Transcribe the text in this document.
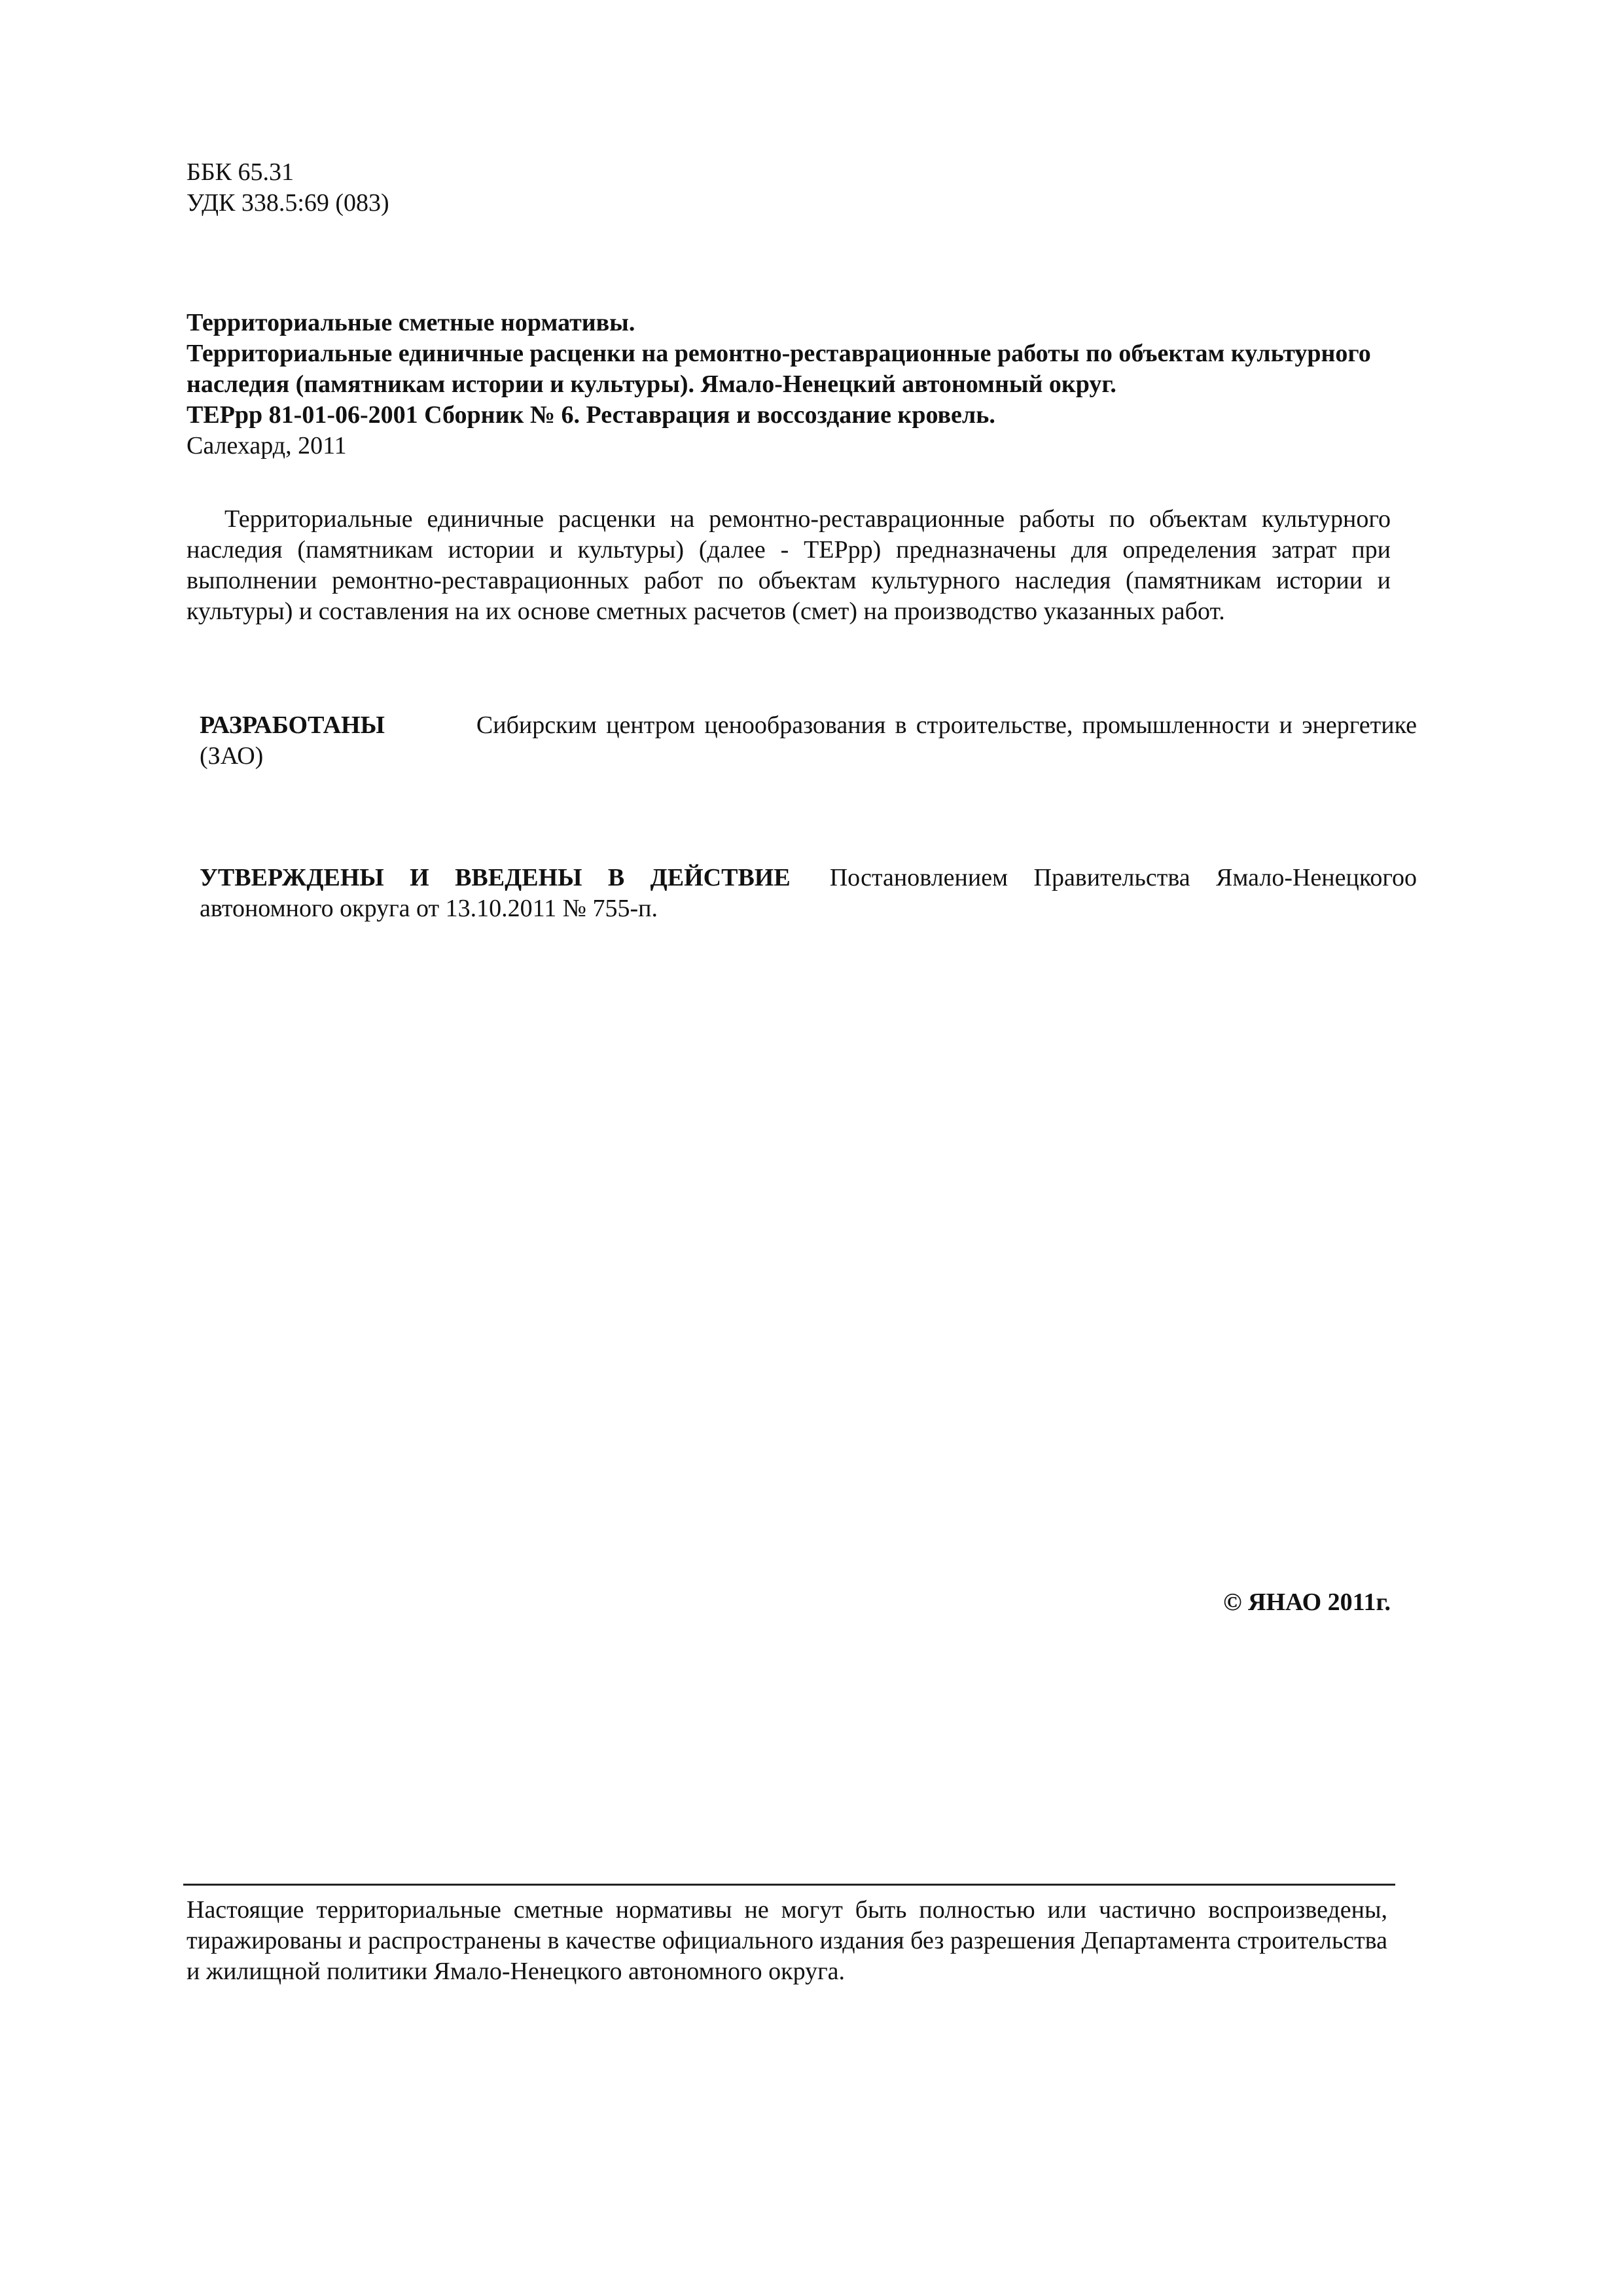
ББК 65.31
УДК 338.5:69 (083)
Территориальные сметные нормативы.
Территориальные единичные расценки на ремонтно-реставрационные работы по объектам культурного наследия (памятникам истории и культуры). Ямало-Ненецкий автономный округ.
ТЕРрр 81-01-06-2001 Сборник № 6. Реставрация и воссоздание кровель.
Салехард, 2011
Территориальные единичные расценки на ремонтно-реставрационные работы по объектам культурного наследия (памятникам истории и культуры) (далее - ТЕРрр) предназначены для определения затрат при выполнении ремонтно-реставрационных работ по объектам культурного наследия (памятникам истории и культуры) и составления на их основе сметных расчетов (смет) на производство указанных работ.
РАЗРАБОТАНЫ	Сибирским центром ценообразования в строительстве, промышленности и энергетике (ЗАО)
УТВЕРЖДЕНЫ И ВВЕДЕНЫ В ДЕЙСТВИЕ Постановлением Правительства Ямало-Ненецкогоо автономного округа от 13.10.2011 № 755-п.
© ЯНАО 2011г.
Настоящие территориальные сметные нормативы не могут быть полностью или частично воспроизведены, тиражированы и распространены в качестве официального издания без разрешения Департамента строительства и жилищной политики Ямало-Ненецкого автономного округа.
